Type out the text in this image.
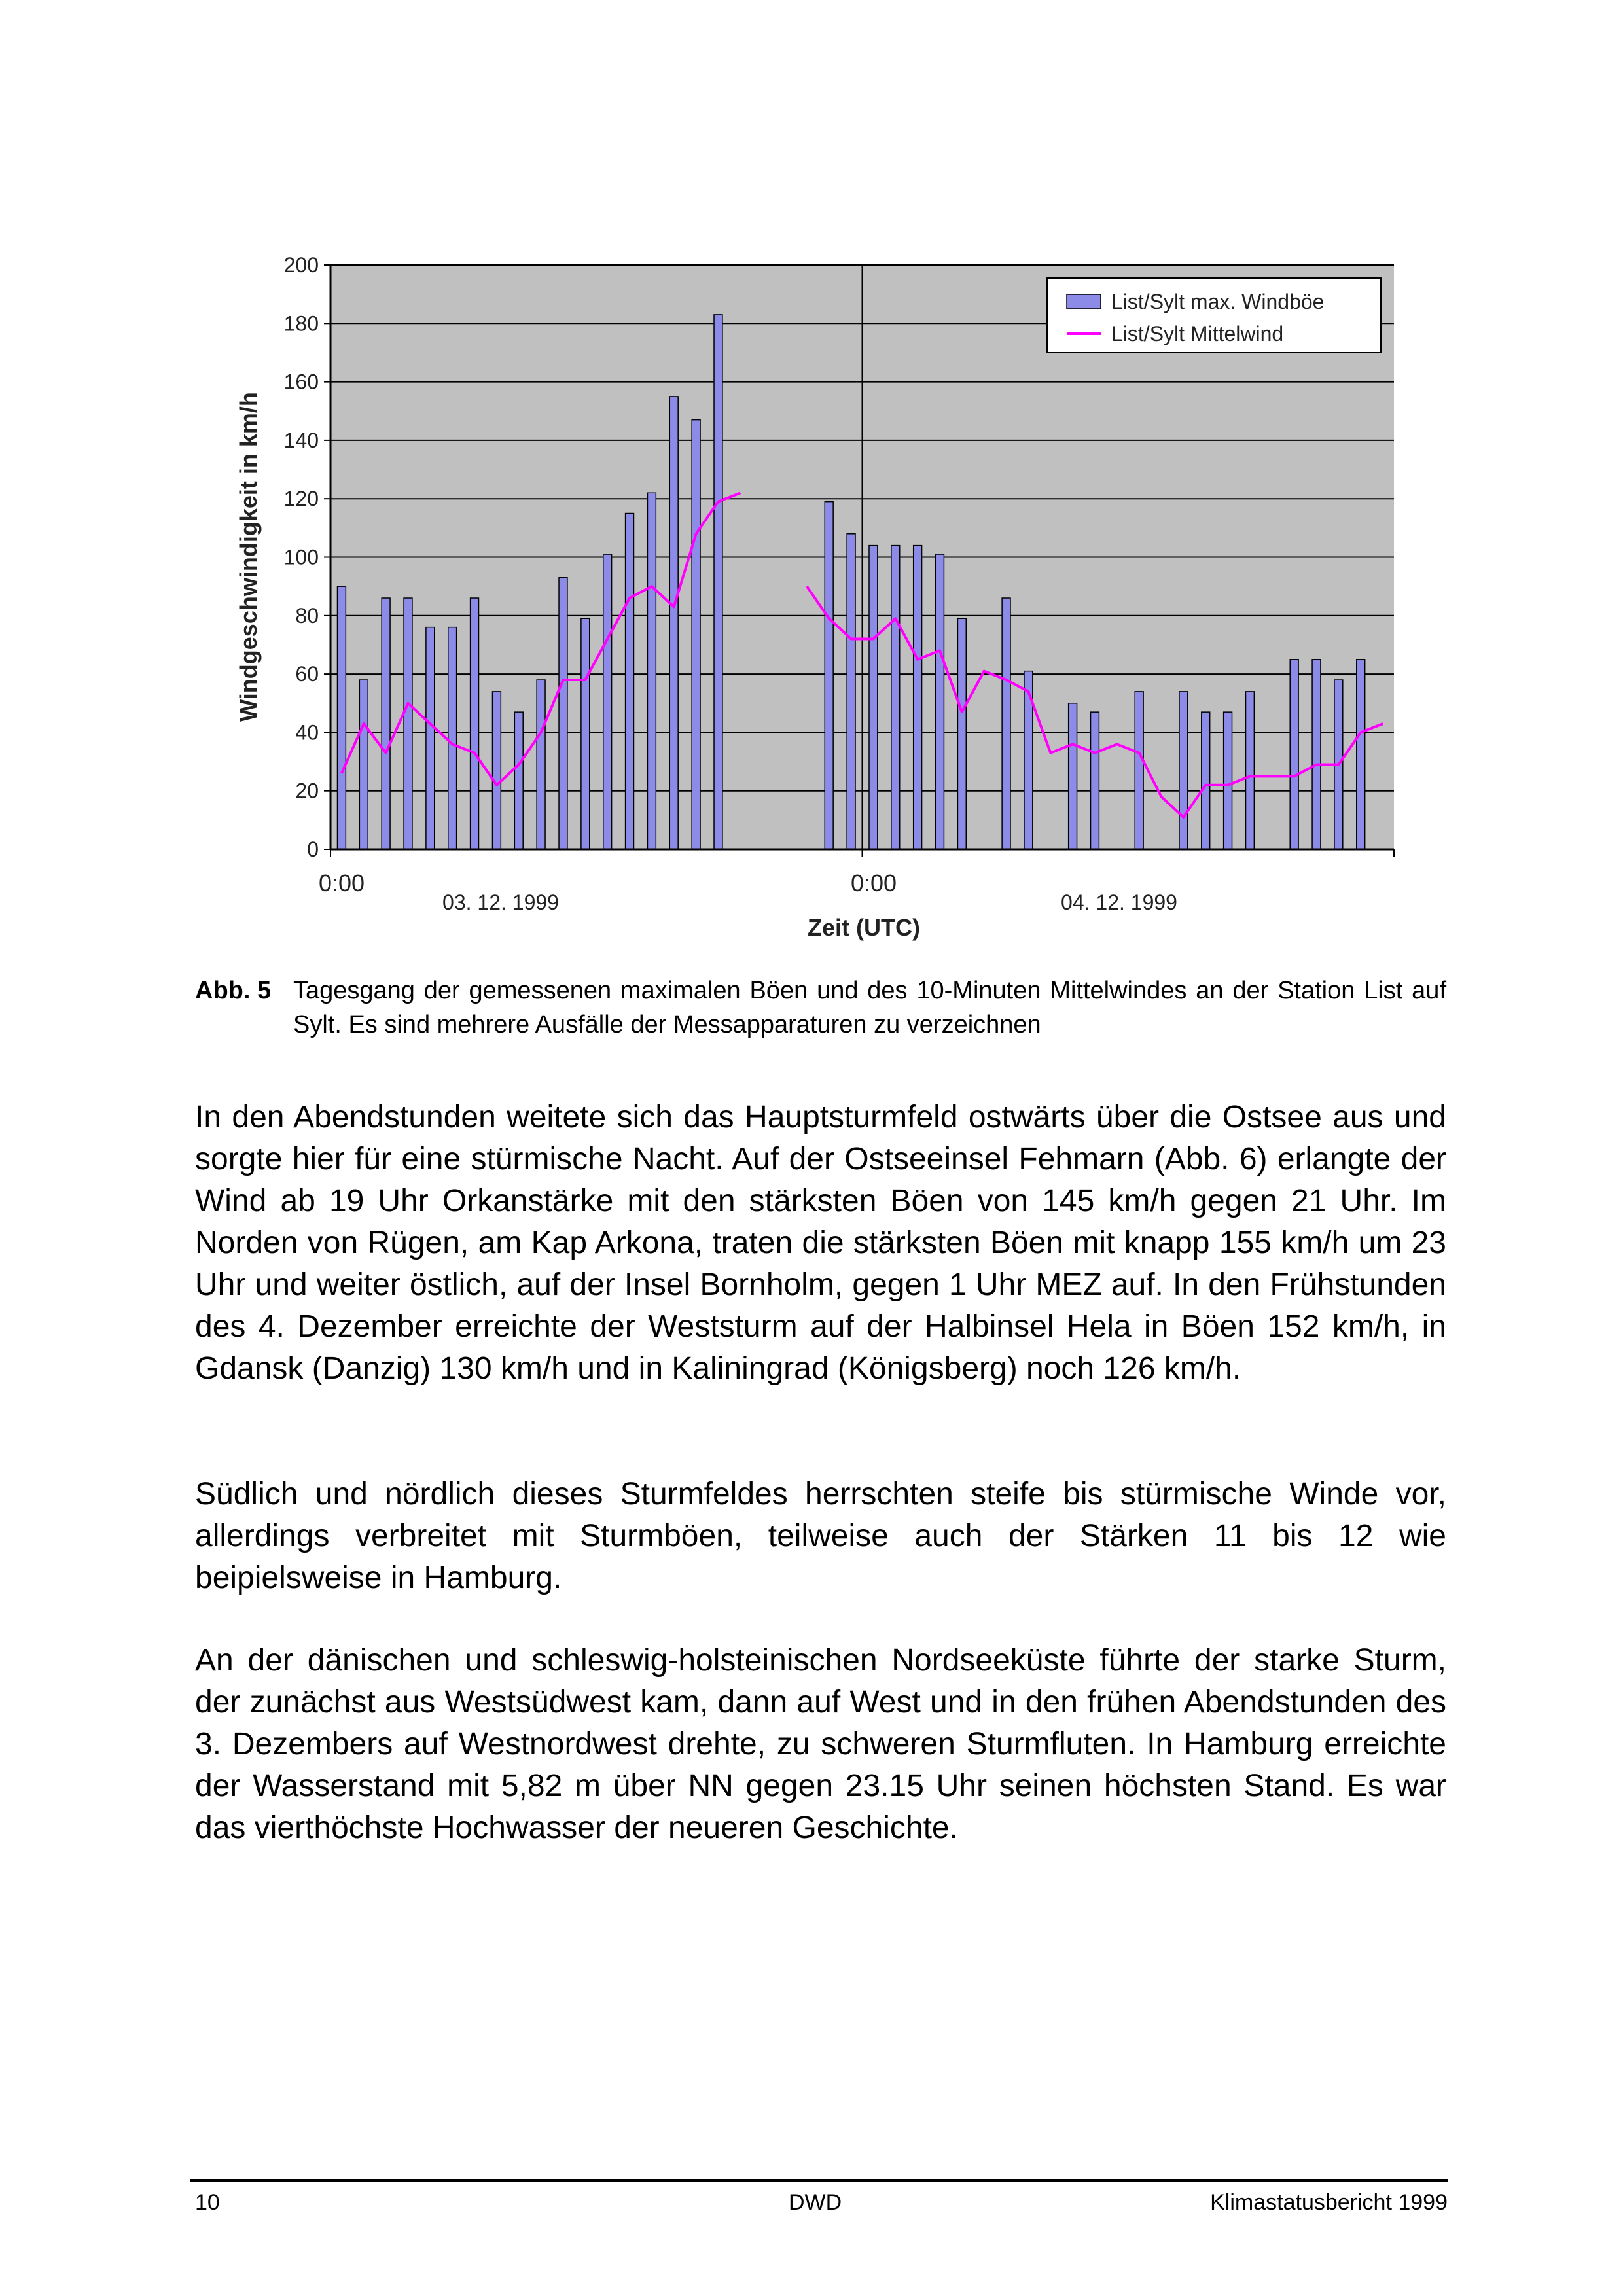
0
20
40
60
80
100
120
140
160
180
200
0:00	0:00
03. 12. 1999	04. 12. 1999
Zeit (UTC)
Windgeschwindigkeit in km/h
List/Sylt max. Windböe
List/Sylt Mittelwind
Abb. 5 Tagesgang der gemessenen maximalen Böen und des 10-Minuten Mittelwindes an der Station List auf Sylt. Es sind mehrere Ausfälle der Messapparaturen zu verzeichnen

In den Abendstunden weitete sich das Hauptsturmfeld ostwärts über die Ostsee aus und sorgte hier für eine stürmische Nacht. Auf der Ostseeinsel Fehmarn (Abb. 6) erlangte der Wind ab 19 Uhr Orkanstärke mit den stärksten Böen von 145 km/h gegen 21 Uhr. Im Norden von Rügen, am Kap Arkona, traten die stärksten Böen mit knapp 155 km/h um 23 Uhr und weiter östlich, auf der Insel Bornholm, gegen 1 Uhr MEZ auf. In den Frühstunden des 4. Dezember erreichte der Weststurm auf der Halbinsel Hela in Böen 152 km/h, in Gdansk (Danzig) 130 km/h und in Kaliningrad (Königsberg) noch 126 km/h.

Südlich und nördlich dieses Sturmfeldes herrschten steife bis stürmische Winde vor, allerdings verbreitet mit Sturmböen, teilweise auch der Stärken 11 bis 12 wie beipielsweise in Hamburg.

An der dänischen und schleswig-holsteinischen Nordseeküste führte der starke Sturm, der zunächst aus Westsüdwest kam, dann auf West und in den frühen Abendstunden des 3. Dezembers auf Westnordwest drehte, zu schweren Sturmfluten. In Hamburg erreichte der Wasserstand mit 5,82 m über NN gegen 23.15 Uhr seinen höchsten Stand. Es war das vierthöchste Hochwasser der neueren Geschichte.

10	DWD	Klimastatusbericht 1999
